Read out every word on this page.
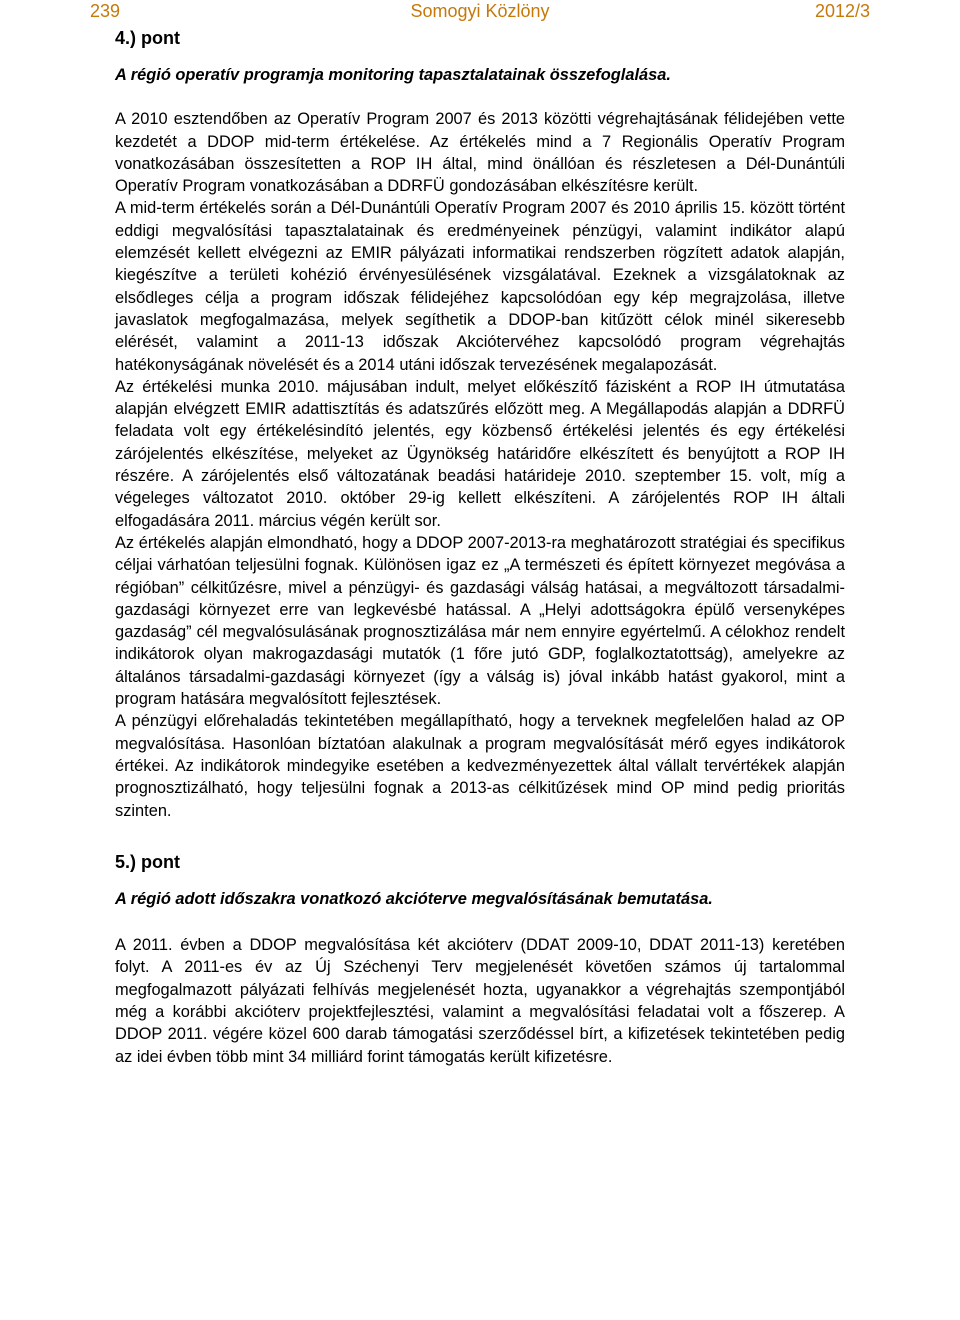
239	Somogyi Közlöny	2012/3

4.) pont

A régió operatív programja monitoring tapasztalatainak összefoglalása.

A 2010 esztendőben az Operatív Program 2007 és 2013 közötti végrehajtásának félidejében vette kezdetét a DDOP mid-term értékelése. Az értékelés mind a 7 Regionális Operatív Program vonatkozásában összesítetten a ROP IH által, mind önállóan és részletesen a Dél-Dunántúli Operatív Program vonatkozásában a DDRFÜ gondozásában elkészítésre került.

A mid-term értékelés során a Dél-Dunántúli Operatív Program 2007 és 2010 április 15. között történt eddigi megvalósítási tapasztalatainak és eredményeinek pénzügyi, valamint indikátor alapú elemzését kellett elvégezni az EMIR pályázati informatikai rendszerben rögzített adatok alapján, kiegészítve a területi kohézió érvényesülésének vizsgálatával. Ezeknek a vizsgálatoknak az elsődleges célja a program időszak félidejéhez kapcsolódóan egy kép megrajzolása, illetve javaslatok megfogalmazása, melyek segíthetik a DDOP-ban kitűzött célok minél sikeresebb elérését, valamint a 2011-13 időszak Akciótervéhez kapcsolódó program végrehajtás hatékonyságának növelését és a 2014 utáni időszak tervezésének megalapozását.

Az értékelési munka 2010. májusában indult, melyet előkészítő fázisként a ROP IH útmutatása alapján elvégzett EMIR adattisztítás és adatszűrés előzött meg. A Megállapodás alapján a DDRFÜ feladata volt egy értékelésindító jelentés, egy közbenső értékelési jelentés és egy értékelési zárójelentés elkészítése, melyeket az Ügynökség határidőre elkészített és benyújtott a ROP IH részére. A zárójelentés első változatának beadási határideje 2010. szeptember 15. volt, míg a végeleges változatot 2010. október 29-ig kellett elkészíteni. A zárójelentés ROP IH általi elfogadására 2011. március végén került sor.

Az értékelés alapján elmondható, hogy a DDOP 2007-2013-ra meghatározott stratégiai és specifikus céljai várhatóan teljesülni fognak. Különösen igaz ez „A természeti és épített környezet megóvása a régióban” célkitűzésre, mivel a pénzügyi- és gazdasági válság hatásai, a megváltozott társadalmi-gazdasági környezet erre van legkevésbé hatással. A „Helyi adottságokra épülő versenyképes gazdaság” cél megvalósulásának prognosztizálása már nem ennyire egyértelmű. A célokhoz rendelt indikátorok olyan makrogazdasági mutatók (1 főre jutó GDP, foglalkoztatottság), amelyekre az általános társadalmi-gazdasági környezet (így a válság is) jóval inkább hatást gyakorol, mint a program hatására megvalósított fejlesztések.

A pénzügyi előrehaladás tekintetében megállapítható, hogy a terveknek megfelelően halad az OP megvalósítása. Hasonlóan bíztatóan alakulnak a program megvalósítását mérő egyes indikátorok értékei. Az indikátorok mindegyike esetében a kedvezményezettek által vállalt tervértékek alapján prognosztizálható, hogy teljesülni fognak a 2013-as célkitűzések mind OP mind pedig prioritás szinten.

5.) pont

A régió adott időszakra vonatkozó akcióterve megvalósításának bemutatása.

A 2011. évben a DDOP megvalósítása két akcióterv (DDAT 2009-10, DDAT 2011-13) keretében folyt. A 2011-es év az Új Széchenyi Terv megjelenését követően számos új tartalommal megfogalmazott pályázati felhívás megjelenését hozta, ugyanakkor a végrehajtás szempontjából még a korábbi akcióterv projektfejlesztési, valamint a megvalósítási feladatai volt a főszerep. A DDOP 2011. végére közel 600 darab támogatási szerződéssel bírt, a kifizetések tekintetében pedig az idei évben több mint 34 milliárd forint támogatás került kifizetésre.
